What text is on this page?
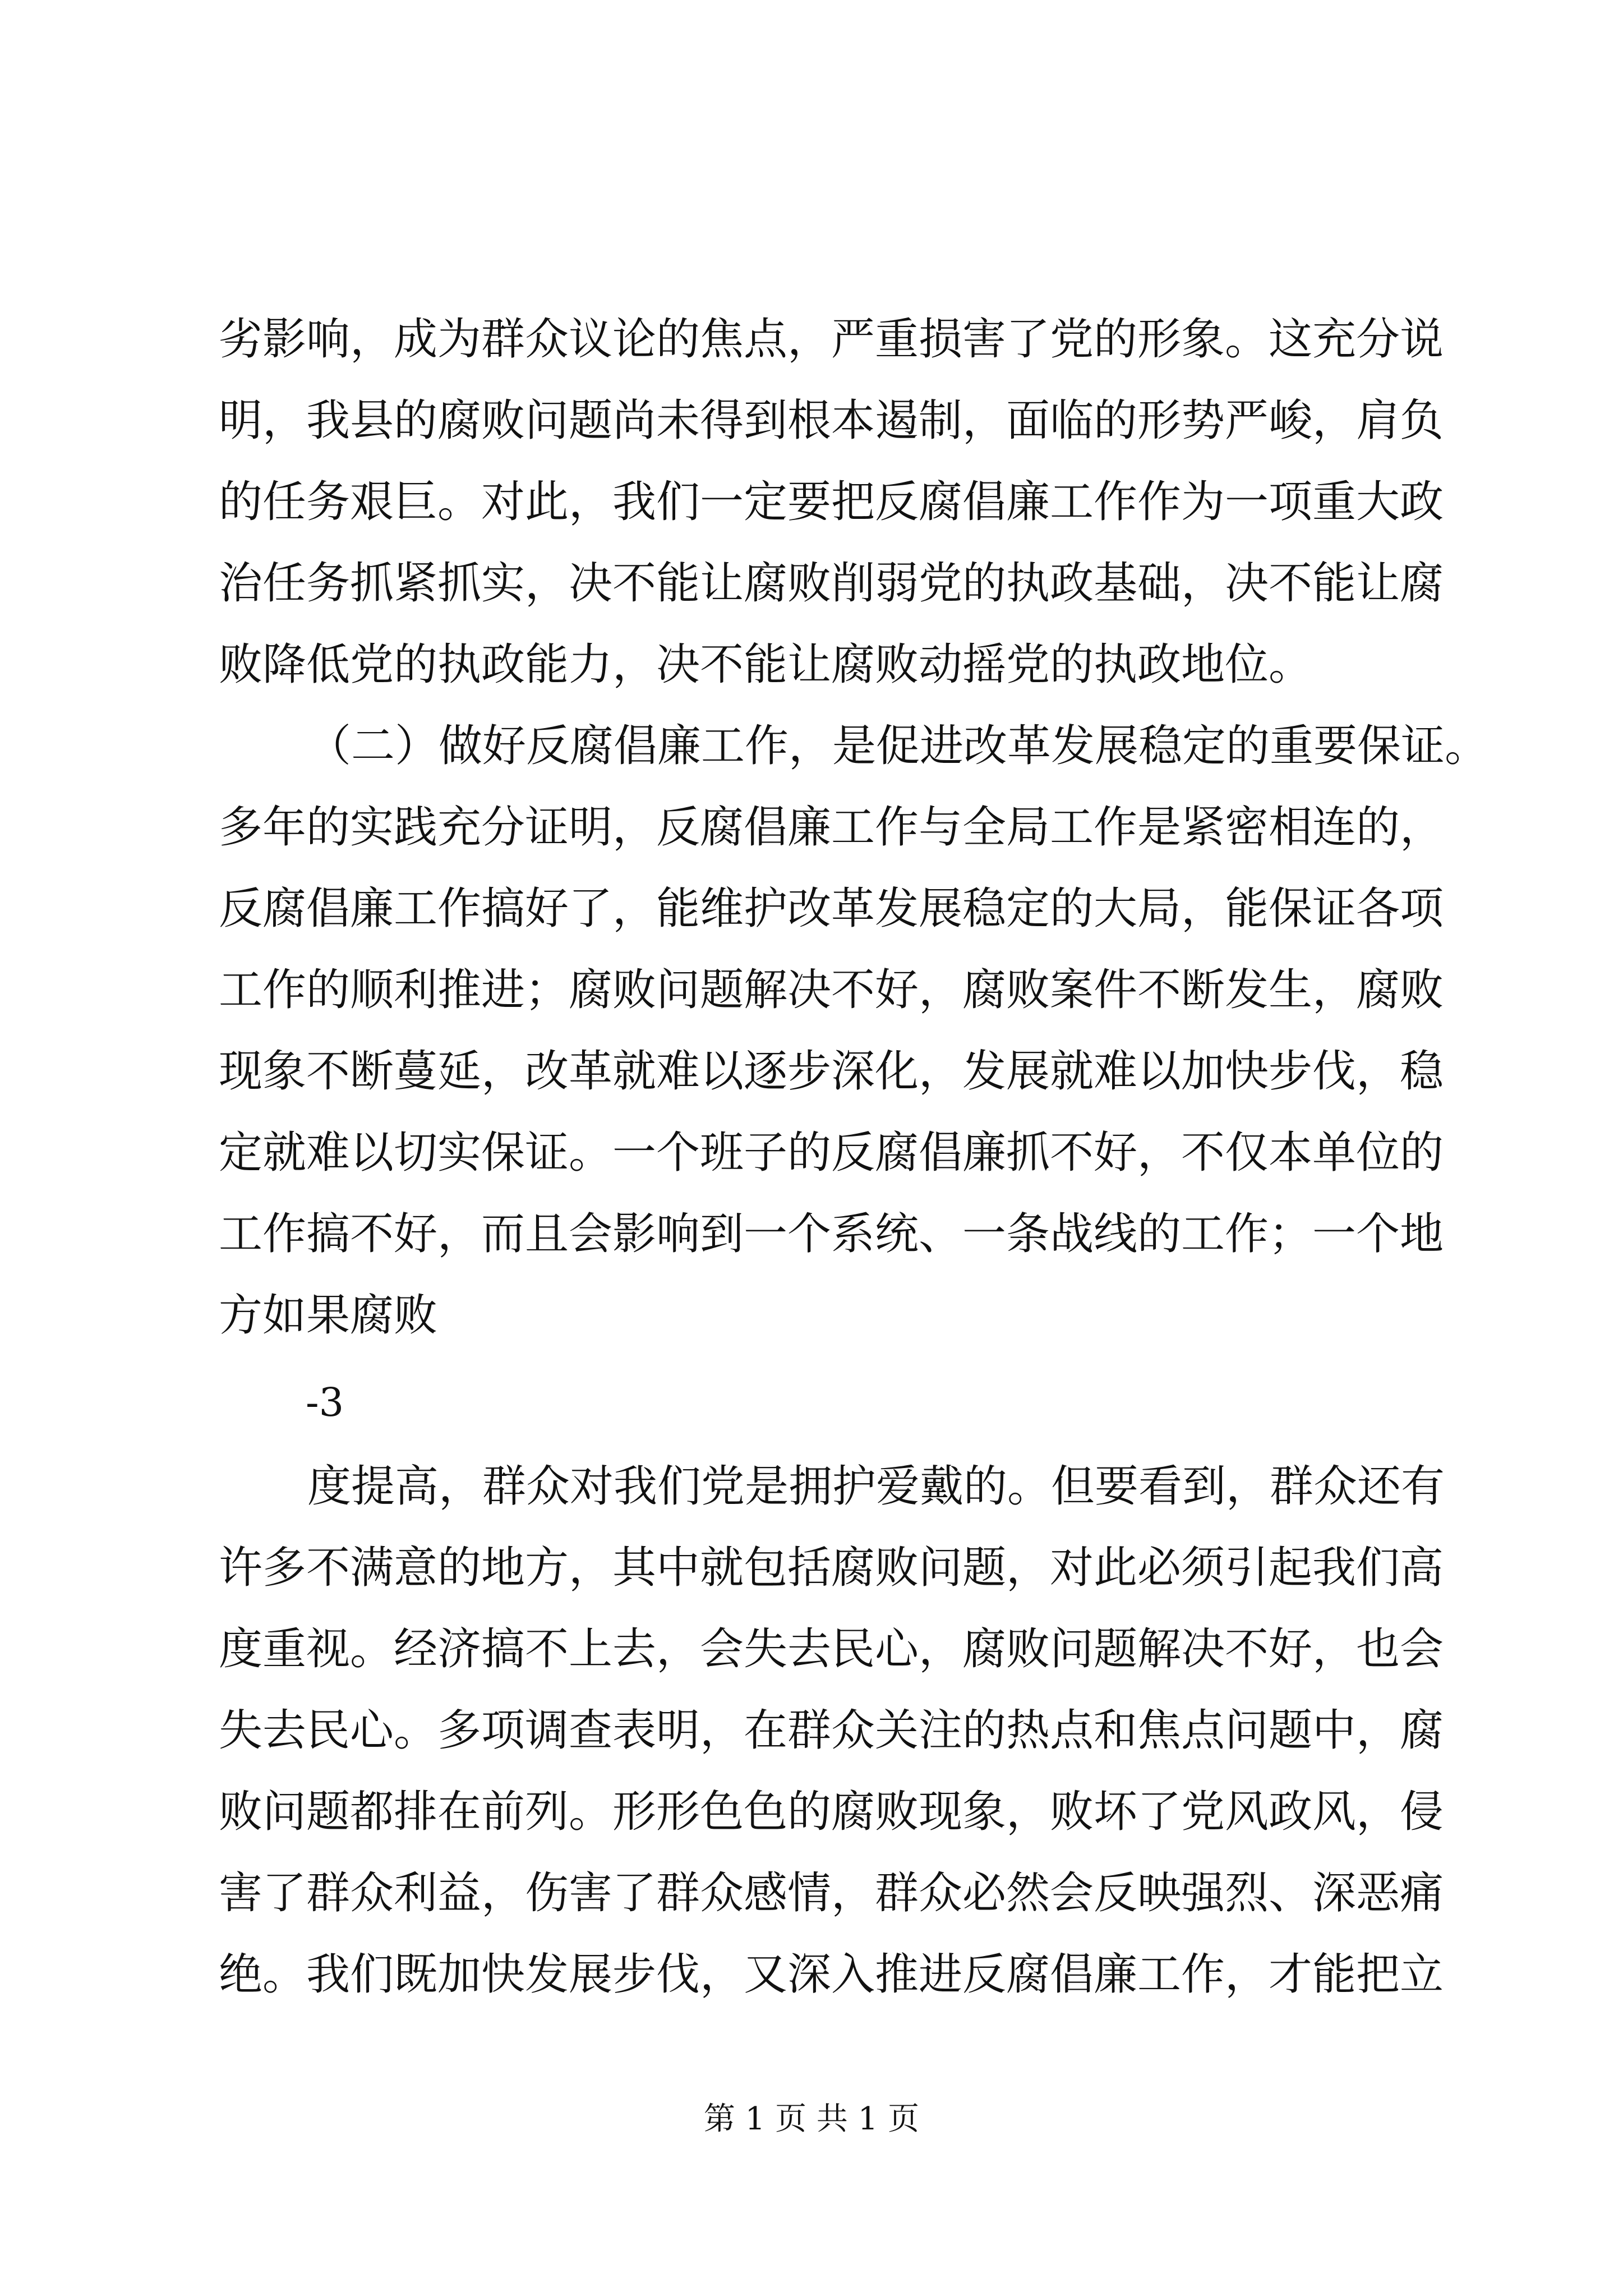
劣影响，成为群众议论的焦点，严重损害了党的形象。这充分说
明，我县的腐败问题尚未得到根本遏制，面临的形势严峻，肩负
的任务艰巨。对此，我们一定要把反腐倡廉工作作为一项重大政
治任务抓紧抓实，决不能让腐败削弱党的执政基础，决不能让腐
败降低党的执政能力，决不能让腐败动摇党的执政地位。
（二）做好反腐倡廉工作，是促进改革发展稳定的重要保证。
多年的实践充分证明，反腐倡廉工作与全局工作是紧密相连的，
反腐倡廉工作搞好了，能维护改革发展稳定的大局，能保证各项
工作的顺利推进；腐败问题解决不好，腐败案件不断发生，腐败
现象不断蔓延，改革就难以逐步深化，发展就难以加快步伐，稳
定就难以切实保证。一个班子的反腐倡廉抓不好，不仅本单位的
工作搞不好，而且会影响到一个系统、一条战线的工作；一个地
方如果腐败
-3
度提高，群众对我们党是拥护爱戴的。但要看到，群众还有
许多不满意的地方，其中就包括腐败问题，对此必须引起我们高
度重视。经济搞不上去，会失去民心，腐败问题解决不好，也会
失去民心。多项调查表明，在群众关注的热点和焦点问题中，腐
败问题都排在前列。形形色色的腐败现象，败坏了党风政风，侵
害了群众利益，伤害了群众感情，群众必然会反映强烈、深恶痛
绝。我们既加快发展步伐，又深入推进反腐倡廉工作，才能把立
第 1 页 共 1 页
